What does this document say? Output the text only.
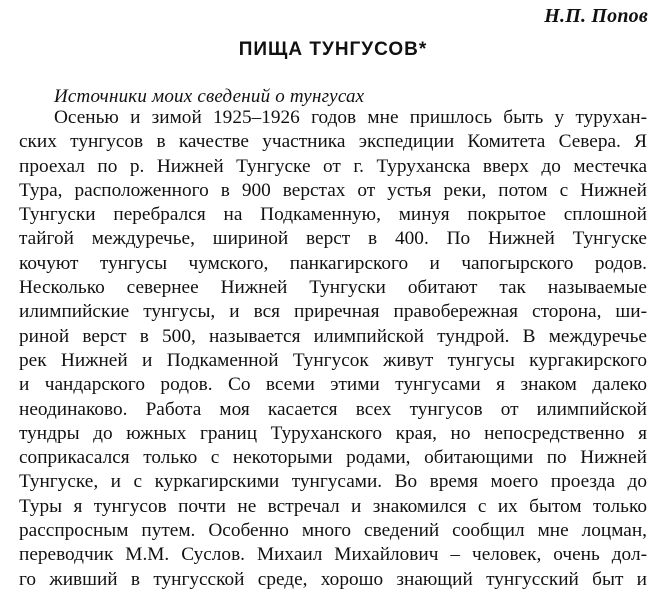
Н.П. Попов
ПИЩА ТУНГУСОВ*
Источники моих сведений о тунгусах
Осенью и зимой 1925–1926 годов мне пришлось быть у турухан-
ских тунгусов в качестве участника экспедиции Комитета Севера. Я
проехал по р. Нижней Тунгуске от г. Туруханска вверх до местечка
Тура, расположенного в 900 верстах от устья реки, потом с Нижней
Тунгуски перебрался на Подкаменную, минуя покрытое сплошной
тайгой междуречье, шириной верст в 400. По Нижней Тунгуске
кочуют тунгусы чумского, панкагирского и чапогырского родов.
Несколько севернее Нижней Тунгуски обитают так называемые
илимпийские тунгусы, и вся приречная правобережная сторона, ши-
риной верст в 500, называется илимпийской тундрой. В междуречье
рек Нижней и Подкаменной Тунгусок живут тунгусы кургакирского
и чандарского родов. Со всеми этими тунгусами я знаком далеко
неодинаково. Работа моя касается всех тунгусов от илимпийской
тундры до южных границ Туруханского края, но непосредственно я
соприкасался только с некоторыми родами, обитающими по Нижней
Тунгуске, и с куркагирскими тунгусами. Во время моего проезда до
Туры я тунгусов почти не встречал и знакомился с их бытом только
расспросным путем. Особенно много сведений сообщил мне лоцман,
переводчик М.М. Суслов. Михаил Михайлович – человек, очень дол-
го живший в тунгусской среде, хорошо знающий тунгусский быт и
